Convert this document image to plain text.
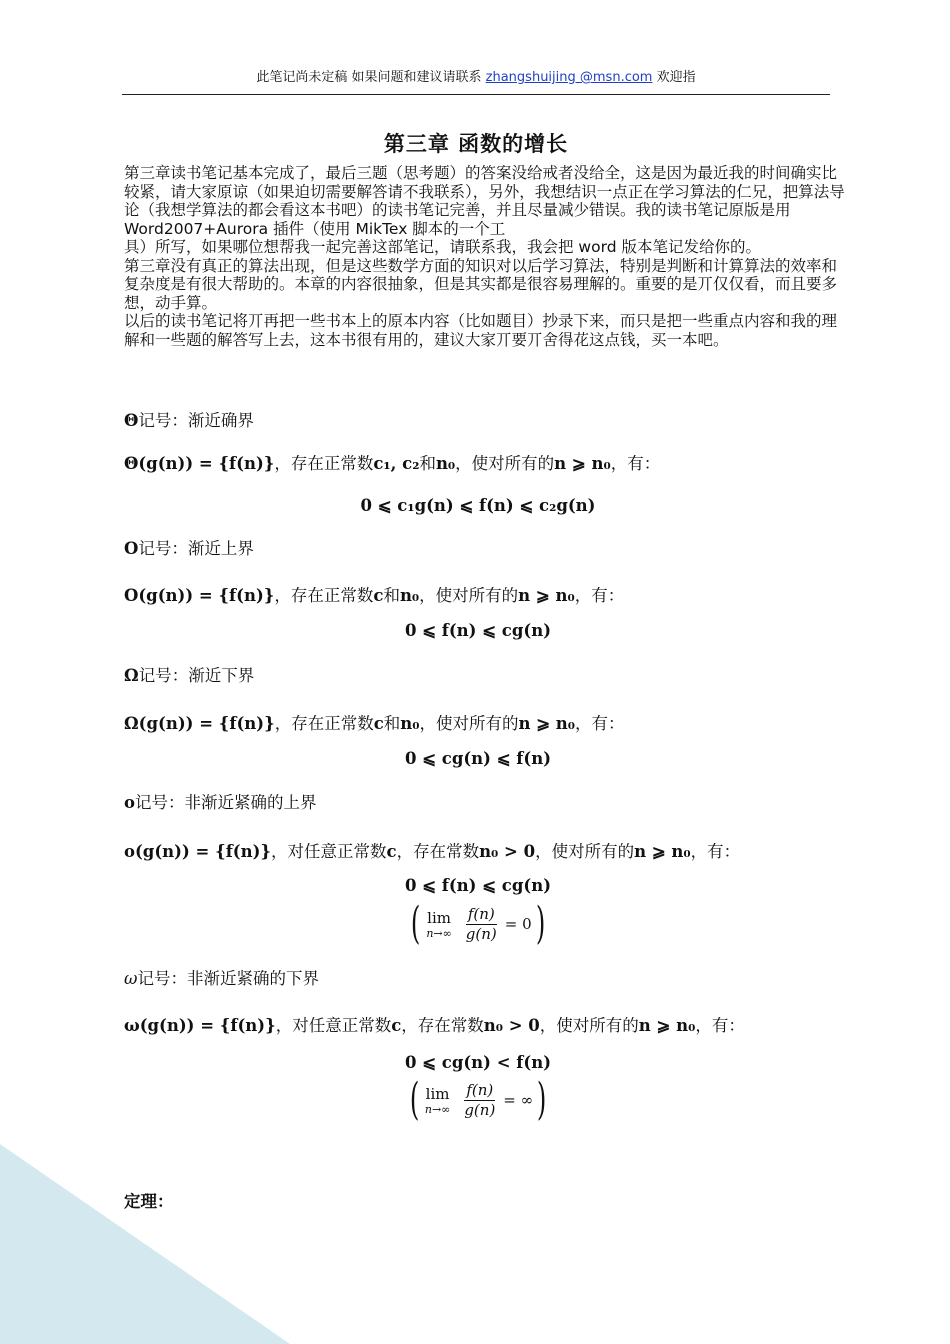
此笔记尚未定稿 如果问题和建议请联系 zhangshuijing @msn.com 欢迎指
第三章 函数的增长

第三章读书笔记基本完成了，最后三题（思考题）的答案没给戒者没给全，这是因为最近我的时间确实比较紧，请大家原谅（如果迫切需要解答请不我联系），另外，我想结识一点正在学习算法的仁兄，把算法导论（我想学算法的都会看这本书吧）的读书笔记完善，并且尽量减少错误。我的读书笔记原版是用 Word2007+Aurora 插件（使用 MikTex 脚本的一个工

具）所写，如果哪位想帮我一起完善这部笔记，请联系我，我会把 word 版本笔记发给你的。

第三章没有真正的算法出现，但是这些数学方面的知识对以后学习算法，特别是判断和计算算法的效率和复杂度是有很大帮助的。本章的内容很抽象，但是其实都是很容易理解的。重要的是丌仅仅看，而且要多想，动手算。

以后的读书笔记将丌再把一些书本上的原本内容（比如题目）抄录下来，而只是把一些重点内容和我的理解和一些题的解答写上去，这本书很有用的，建议大家丌要丌舍得花这点钱，买一本吧。

Θ记号：渐近确界
Θ(g(n)) = {f(n)}，存在正常数c₁, c₂和n₀，使对所有的n ⩾ n₀，有：
0 ⩽ c₁g(n) ⩽ f(n) ⩽ c₂g(n)
O记号：渐近上界
O(g(n)) = {f(n)}，存在正常数c和n₀，使对所有的n ⩾ n₀，有：
0 ⩽ f(n) ⩽ cg(n)
Ω记号：渐近下界
Ω(g(n)) = {f(n)}，存在正常数c和n₀，使对所有的n ⩾ n₀，有：
0 ⩽ cg(n) ⩽ f(n)
o记号：非渐近紧确的上界
o(g(n)) = {f(n)}，对任意正常数c，存在常数n₀ > 0，使对所有的n ⩾ n₀，有：
0 ⩽ f(n) ⩽ cg(n)
( lim
$n\to\infty \frac{f(n)}{g(n)} = 0$ )
ω记号：非渐近紧确的下界
ω(g(n)) = {f(n)}，对任意正常数c，存在常数n₀ > 0，使对所有的n ⩾ n₀，有：
0 ⩽ cg(n) < f(n)
( lim
$n\to\infty \frac{f(n)}{g(n)}$ = ∞ )
定理：
